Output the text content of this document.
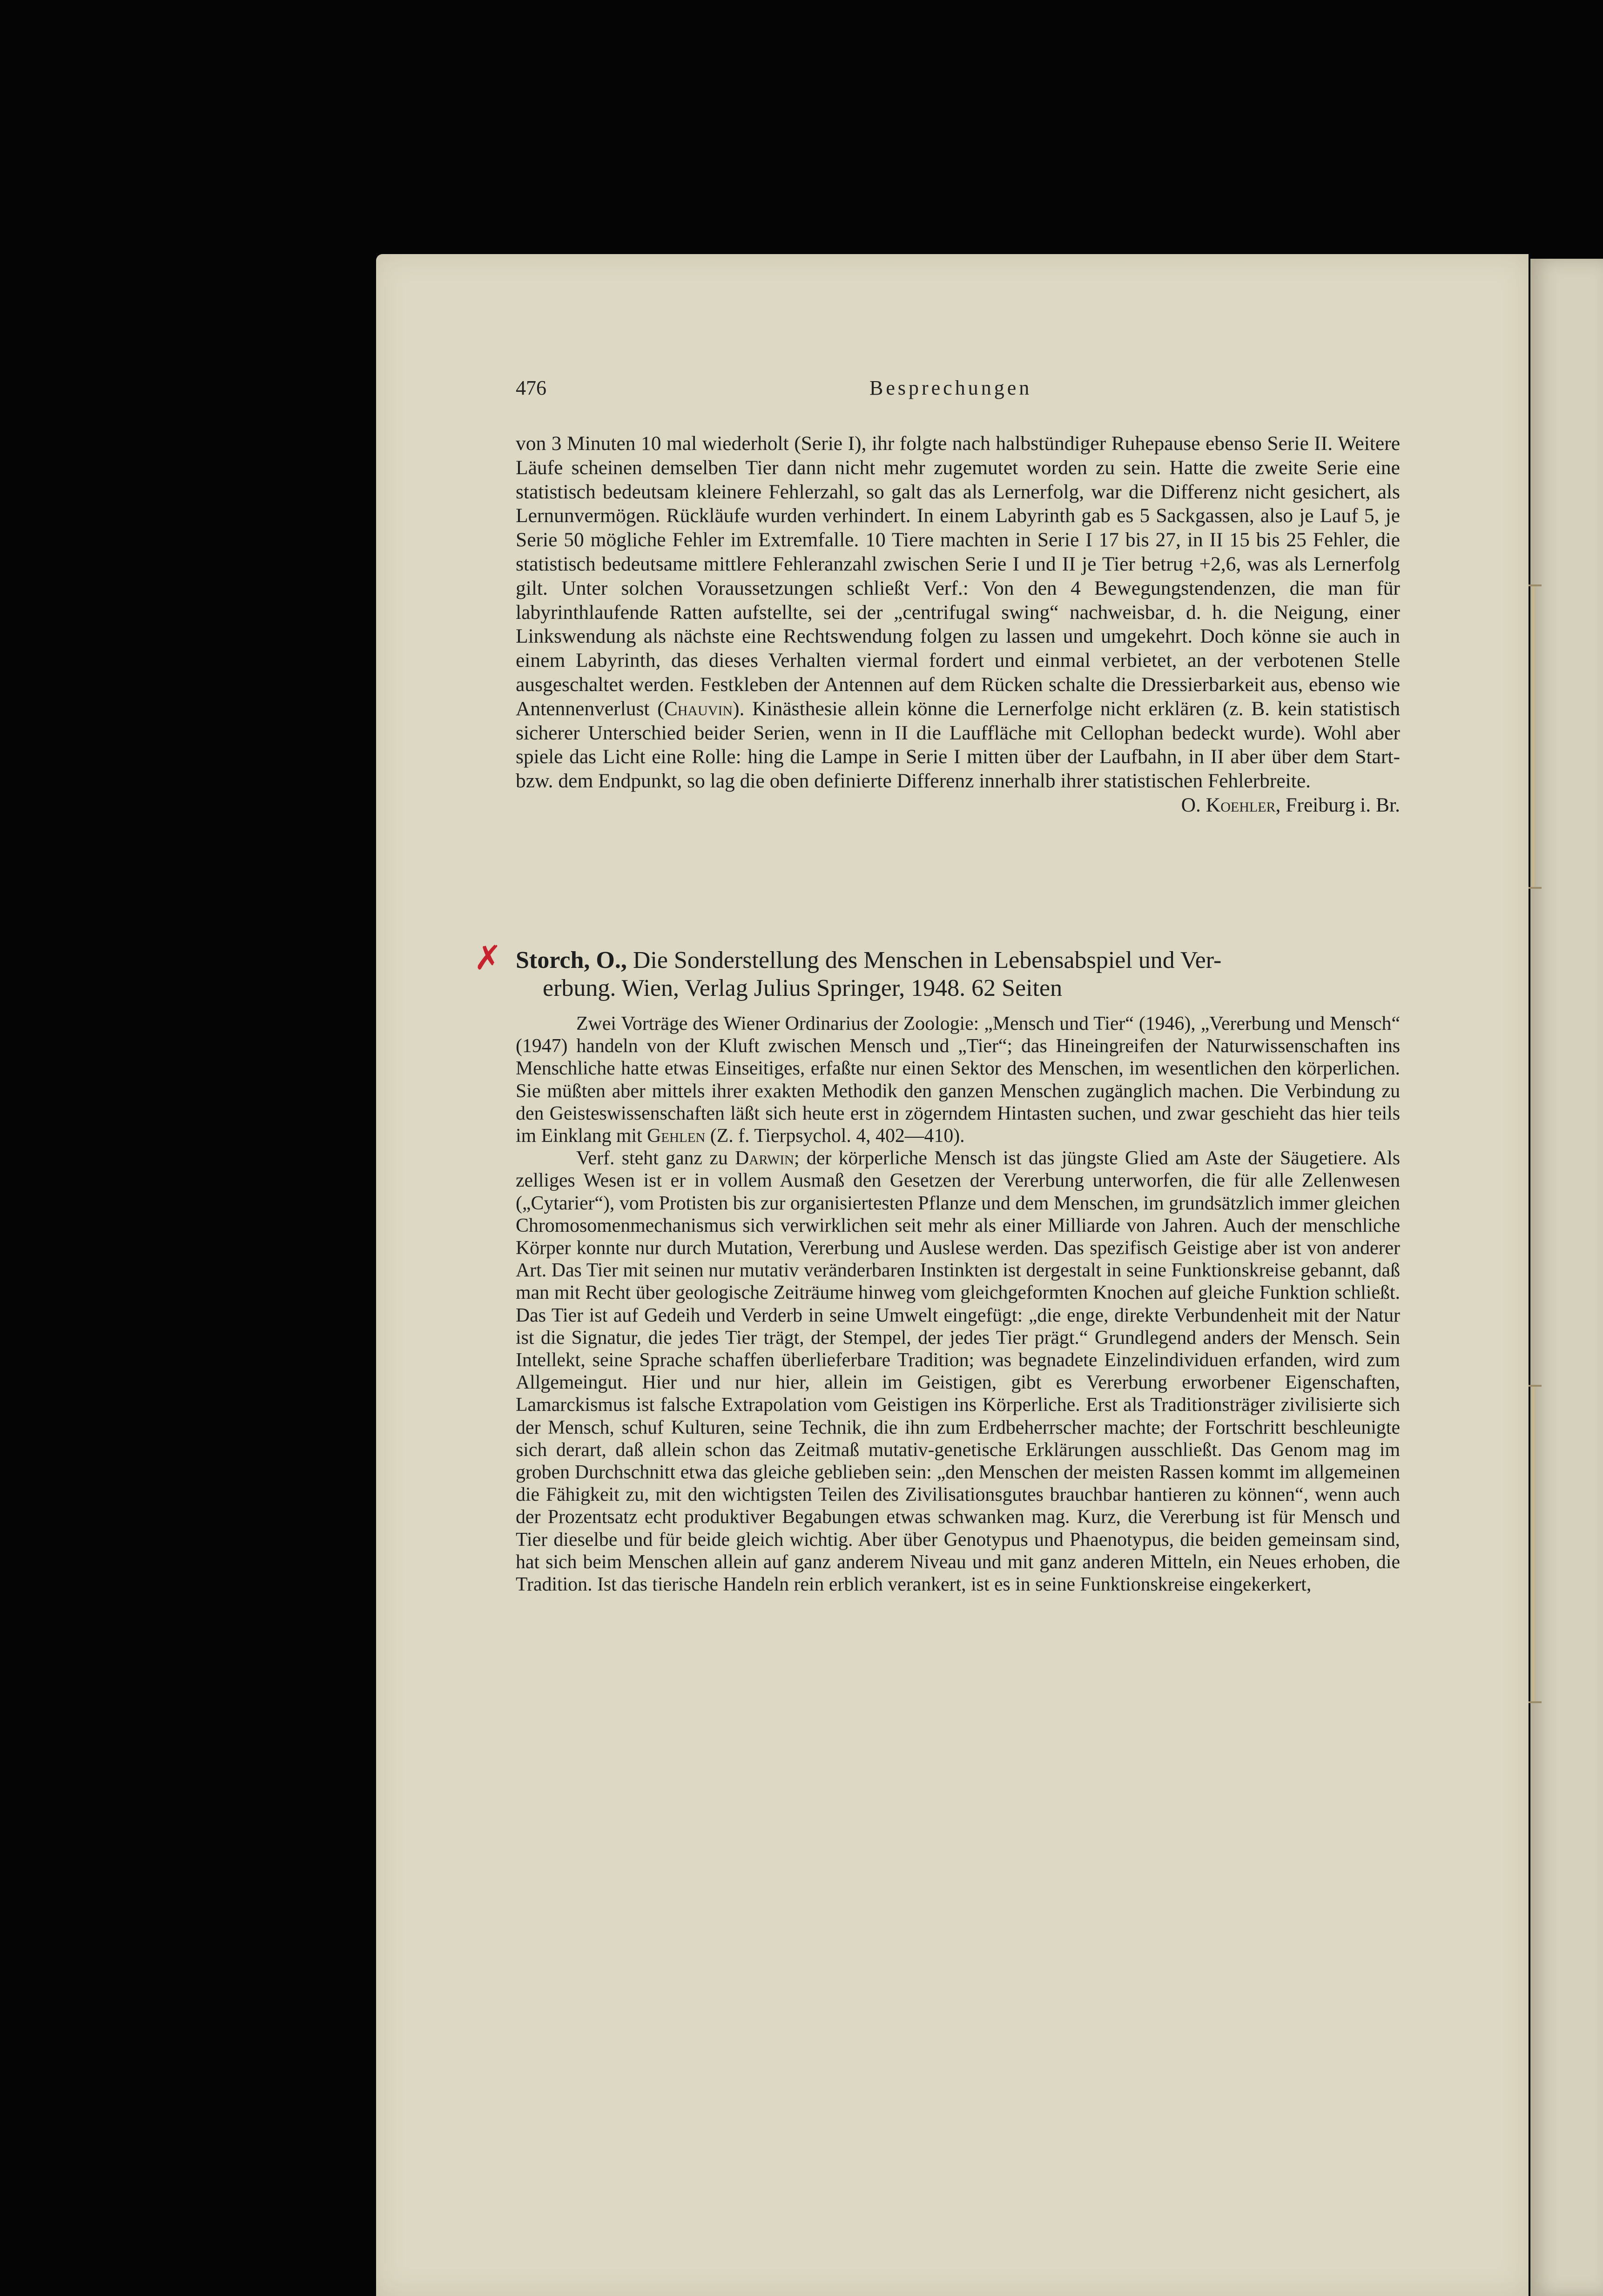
476	Besprechungen
von 3 Minuten 10 mal wiederholt (Serie I), ihr folgte nach halbstündiger Ruhepause ebenso Serie II. Weitere Läufe scheinen demselben Tier dann nicht mehr zugemutet worden zu sein. Hatte die zweite Serie eine statistisch bedeutsam kleinere Fehlerzahl, so galt das als Lernerfolg, war die Differenz nicht gesichert, als Lernunvermögen. Rückläufe wurden verhindert. In einem Labyrinth gab es 5 Sackgassen, also je Lauf 5, je Serie 50 mögliche Fehler im Extremfalle. 10 Tiere machten in Serie I 17 bis 27, in II 15 bis 25 Fehler, die statistisch bedeutsame mittlere Fehleranzahl zwischen Serie I und II je Tier betrug +2,6, was als Lernerfolg gilt. Unter solchen Voraussetzungen schließt Verf.: Von den 4 Bewegungstendenzen, die man für labyrinthlaufende Ratten aufstellte, sei der „centrifugal swing“ nachweisbar, d. h. die Neigung, einer Linkswendung als nächste eine Rechtswendung folgen zu lassen und umgekehrt. Doch könne sie auch in einem Labyrinth, das dieses Verhalten viermal fordert und einmal verbietet, an der verbotenen Stelle ausgeschaltet werden. Festkleben der Antennen auf dem Rücken schalte die Dressierbarkeit aus, ebenso wie Antennenverlust (Chauvin). Kinästhesie allein könne die Lernerfolge nicht erklären (z. B. kein statistisch sicherer Unterschied beider Serien, wenn in II die Lauffläche mit Cellophan bedeckt wurde). Wohl aber spiele das Licht eine Rolle: hing die Lampe in Serie I mitten über der Laufbahn, in II aber über dem Start- bzw. dem Endpunkt, so lag die oben definierte Differenz innerhalb ihrer statistischen Fehlerbreite.
O. Koehler, Freiburg i. Br.
✗ Storch, O., Die Sonderstellung des Menschen in Lebensabspiel und Ver-
erbung. Wien, Verlag Julius Springer, 1948. 62 Seiten

Zwei Vorträge des Wiener Ordinarius der Zoologie: „Mensch und Tier“ (1946), „Vererbung und Mensch“ (1947) handeln von der Kluft zwischen Mensch und „Tier“; das Hineingreifen der Naturwissenschaften ins Menschliche hatte etwas Einseitiges, erfaßte nur einen Sektor des Menschen, im wesentlichen den körperlichen. Sie müßten aber mittels ihrer exakten Methodik den ganzen Menschen zugänglich machen. Die Verbindung zu den Geisteswissenschaften läßt sich heute erst in zögerndem Hintasten suchen, und zwar geschieht das hier teils im Einklang mit Gehlen (Z. f. Tierpsychol. 4, 402—410).

Verf. steht ganz zu Darwin; der körperliche Mensch ist das jüngste Glied am Aste der Säugetiere. Als zelliges Wesen ist er in vollem Ausmaß den Gesetzen der Vererbung unterworfen, die für alle Zellenwesen („Cytarier“), vom Protisten bis zur organisiertesten Pflanze und dem Menschen, im grundsätzlich immer gleichen Chromosomenmechanismus sich verwirklichen seit mehr als einer Milliarde von Jahren. Auch der menschliche Körper konnte nur durch Mutation, Vererbung und Auslese werden. Das spezifisch Geistige aber ist von anderer Art. Das Tier mit seinen nur mutativ veränderbaren Instinkten ist dergestalt in seine Funktionskreise gebannt, daß man mit Recht über geologische Zeiträume hinweg vom gleichgeformten Knochen auf gleiche Funktion schließt. Das Tier ist auf Gedeih und Verderb in seine Umwelt eingefügt: „die enge, direkte Verbundenheit mit der Natur ist die Signatur, die jedes Tier trägt, der Stempel, der jedes Tier prägt.“ Grundlegend anders der Mensch. Sein Intellekt, seine Sprache schaffen überlieferbare Tradition; was begnadete Einzelindividuen erfanden, wird zum Allgemeingut. Hier und nur hier, allein im Geistigen, gibt es Vererbung erworbener Eigenschaften, Lamarckismus ist falsche Extrapolation vom Geistigen ins Körperliche. Erst als Traditionsträger zivilisierte sich der Mensch, schuf Kulturen, seine Technik, die ihn zum Erdbeherrscher machte; der Fortschritt beschleunigte sich derart, daß allein schon das Zeitmaß mutativ-genetische Erklärungen ausschließt. Das Genom mag im groben Durchschnitt etwa das gleiche geblieben sein: „den Menschen der meisten Rassen kommt im allgemeinen die Fähigkeit zu, mit den wichtigsten Teilen des Zivilisationsgutes brauchbar hantieren zu können“, wenn auch der Prozentsatz echt produktiver Begabungen etwas schwanken mag. Kurz, die Vererbung ist für Mensch und Tier dieselbe und für beide gleich wichtig. Aber über Genotypus und Phaenotypus, die beiden gemeinsam sind, hat sich beim Menschen allein auf ganz anderem Niveau und mit ganz anderen Mitteln, ein Neues erhoben, die Tradition. Ist das tierische Handeln rein erblich verankert, ist es in seine Funktionskreise eingekerkert,
